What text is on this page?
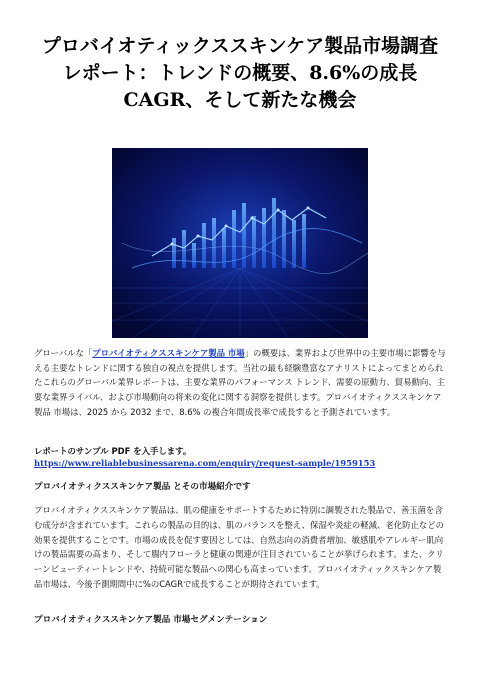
プロバイオティックススキンケア製品市場調査
レポート：トレンドの概要、8.6%の成長
CAGR、そして新たな機会

グローバルな「プロバイオティクススキンケア製品 市場」の概要は、業界および世界中の主要市場に影響を与える主要なトレンドに関する独自の視点を提供します。当社の最も経験豊富なアナリストによってまとめられたこれらのグローバル業界レポートは、主要な業界のパフォーマンス トレンド、需要の原動力、貿易動向、主要な業界ライバル、および市場動向の将来の変化に関する洞察を提供します。プロバイオティクススキンケア製品 市場は、2025 から 2032 まで、8.6% の複合年間成長率で成長すると予測されています。

レポートのサンプル PDF を入手します。 https://www.reliablebusinessarena.com/enquiry/request-sample/1959153

プロバイオティクススキンケア製品 とその市場紹介です

プロバイオティクススキンケア製品は、肌の健康をサポートするために特別に調製された製品で、善玉菌を含む成分が含まれています。これらの製品の目的は、肌のバランスを整え、保湿や炎症の軽減、老化防止などの効果を提供することです。市場の成長を促す要因としては、自然志向の消費者増加、敏感肌やアレルギー肌向けの製品需要の高まり、そして腸内フローラと健康の関連が注目されていることが挙げられます。また、クリーンビューティートレンドや、持続可能な製品への関心も高まっています。プロバイオティックスキンケア製品市場は、今後予測期間中に%のCAGRで成長することが期待されています。

プロバイオティクススキンケア製品 市場セグメンテーション
